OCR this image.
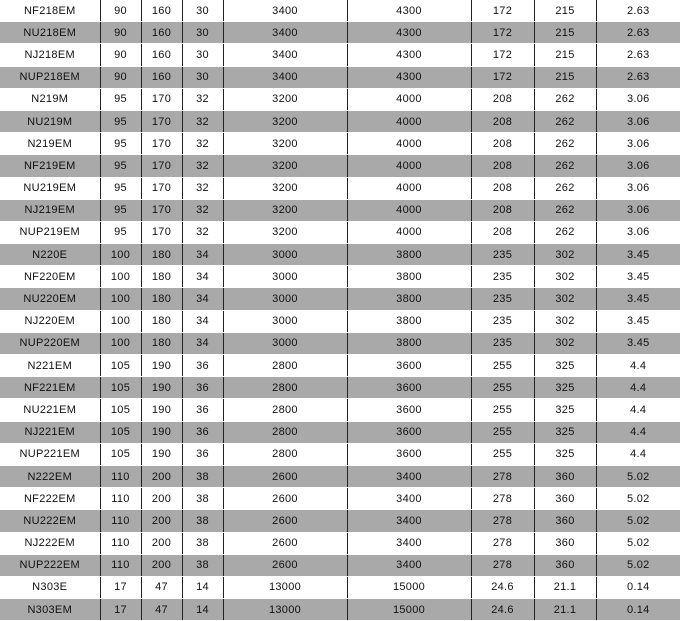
NF218EM	90	160	30	3400	4300	172	215	2.63
NU218EM	90	160	30	3400	4300	172	215	2.63
NJ218EM	90	160	30	3400	4300	172	215	2.63
NUP218EM	90	160	30	3400	4300	172	215	2.63
N219M	95	170	32	3200	4000	208	262	3.06
NU219M	95	170	32	3200	4000	208	262	3.06
N219EM	95	170	32	3200	4000	208	262	3.06
NF219EM	95	170	32	3200	4000	208	262	3.06
NU219EM	95	170	32	3200	4000	208	262	3.06
NJ219EM	95	170	32	3200	4000	208	262	3.06
NUP219EM	95	170	32	3200	4000	208	262	3.06
N220E	100	180	34	3000	3800	235	302	3.45
NF220EM	100	180	34	3000	3800	235	302	3.45
NU220EM	100	180	34	3000	3800	235	302	3.45
NJ220EM	100	180	34	3000	3800	235	302	3.45
NUP220EM	100	180	34	3000	3800	235	302	3.45
N221EM	105	190	36	2800	3600	255	325	4.4
NF221EM	105	190	36	2800	3600	255	325	4.4
NU221EM	105	190	36	2800	3600	255	325	4.4
NJ221EM	105	190	36	2800	3600	255	325	4.4
NUP221EM	105	190	36	2800	3600	255	325	4.4
N222EM	110	200	38	2600	3400	278	360	5.02
NF222EM	110	200	38	2600	3400	278	360	5.02
NU222EM	110	200	38	2600	3400	278	360	5.02
NJ222EM	110	200	38	2600	3400	278	360	5.02
NUP222EM	110	200	38	2600	3400	278	360	5.02
N303E	17	47	14	13000	15000	24.6	21.1	0.14
N303EM	17	47	14	13000	15000	24.6	21.1	0.14
